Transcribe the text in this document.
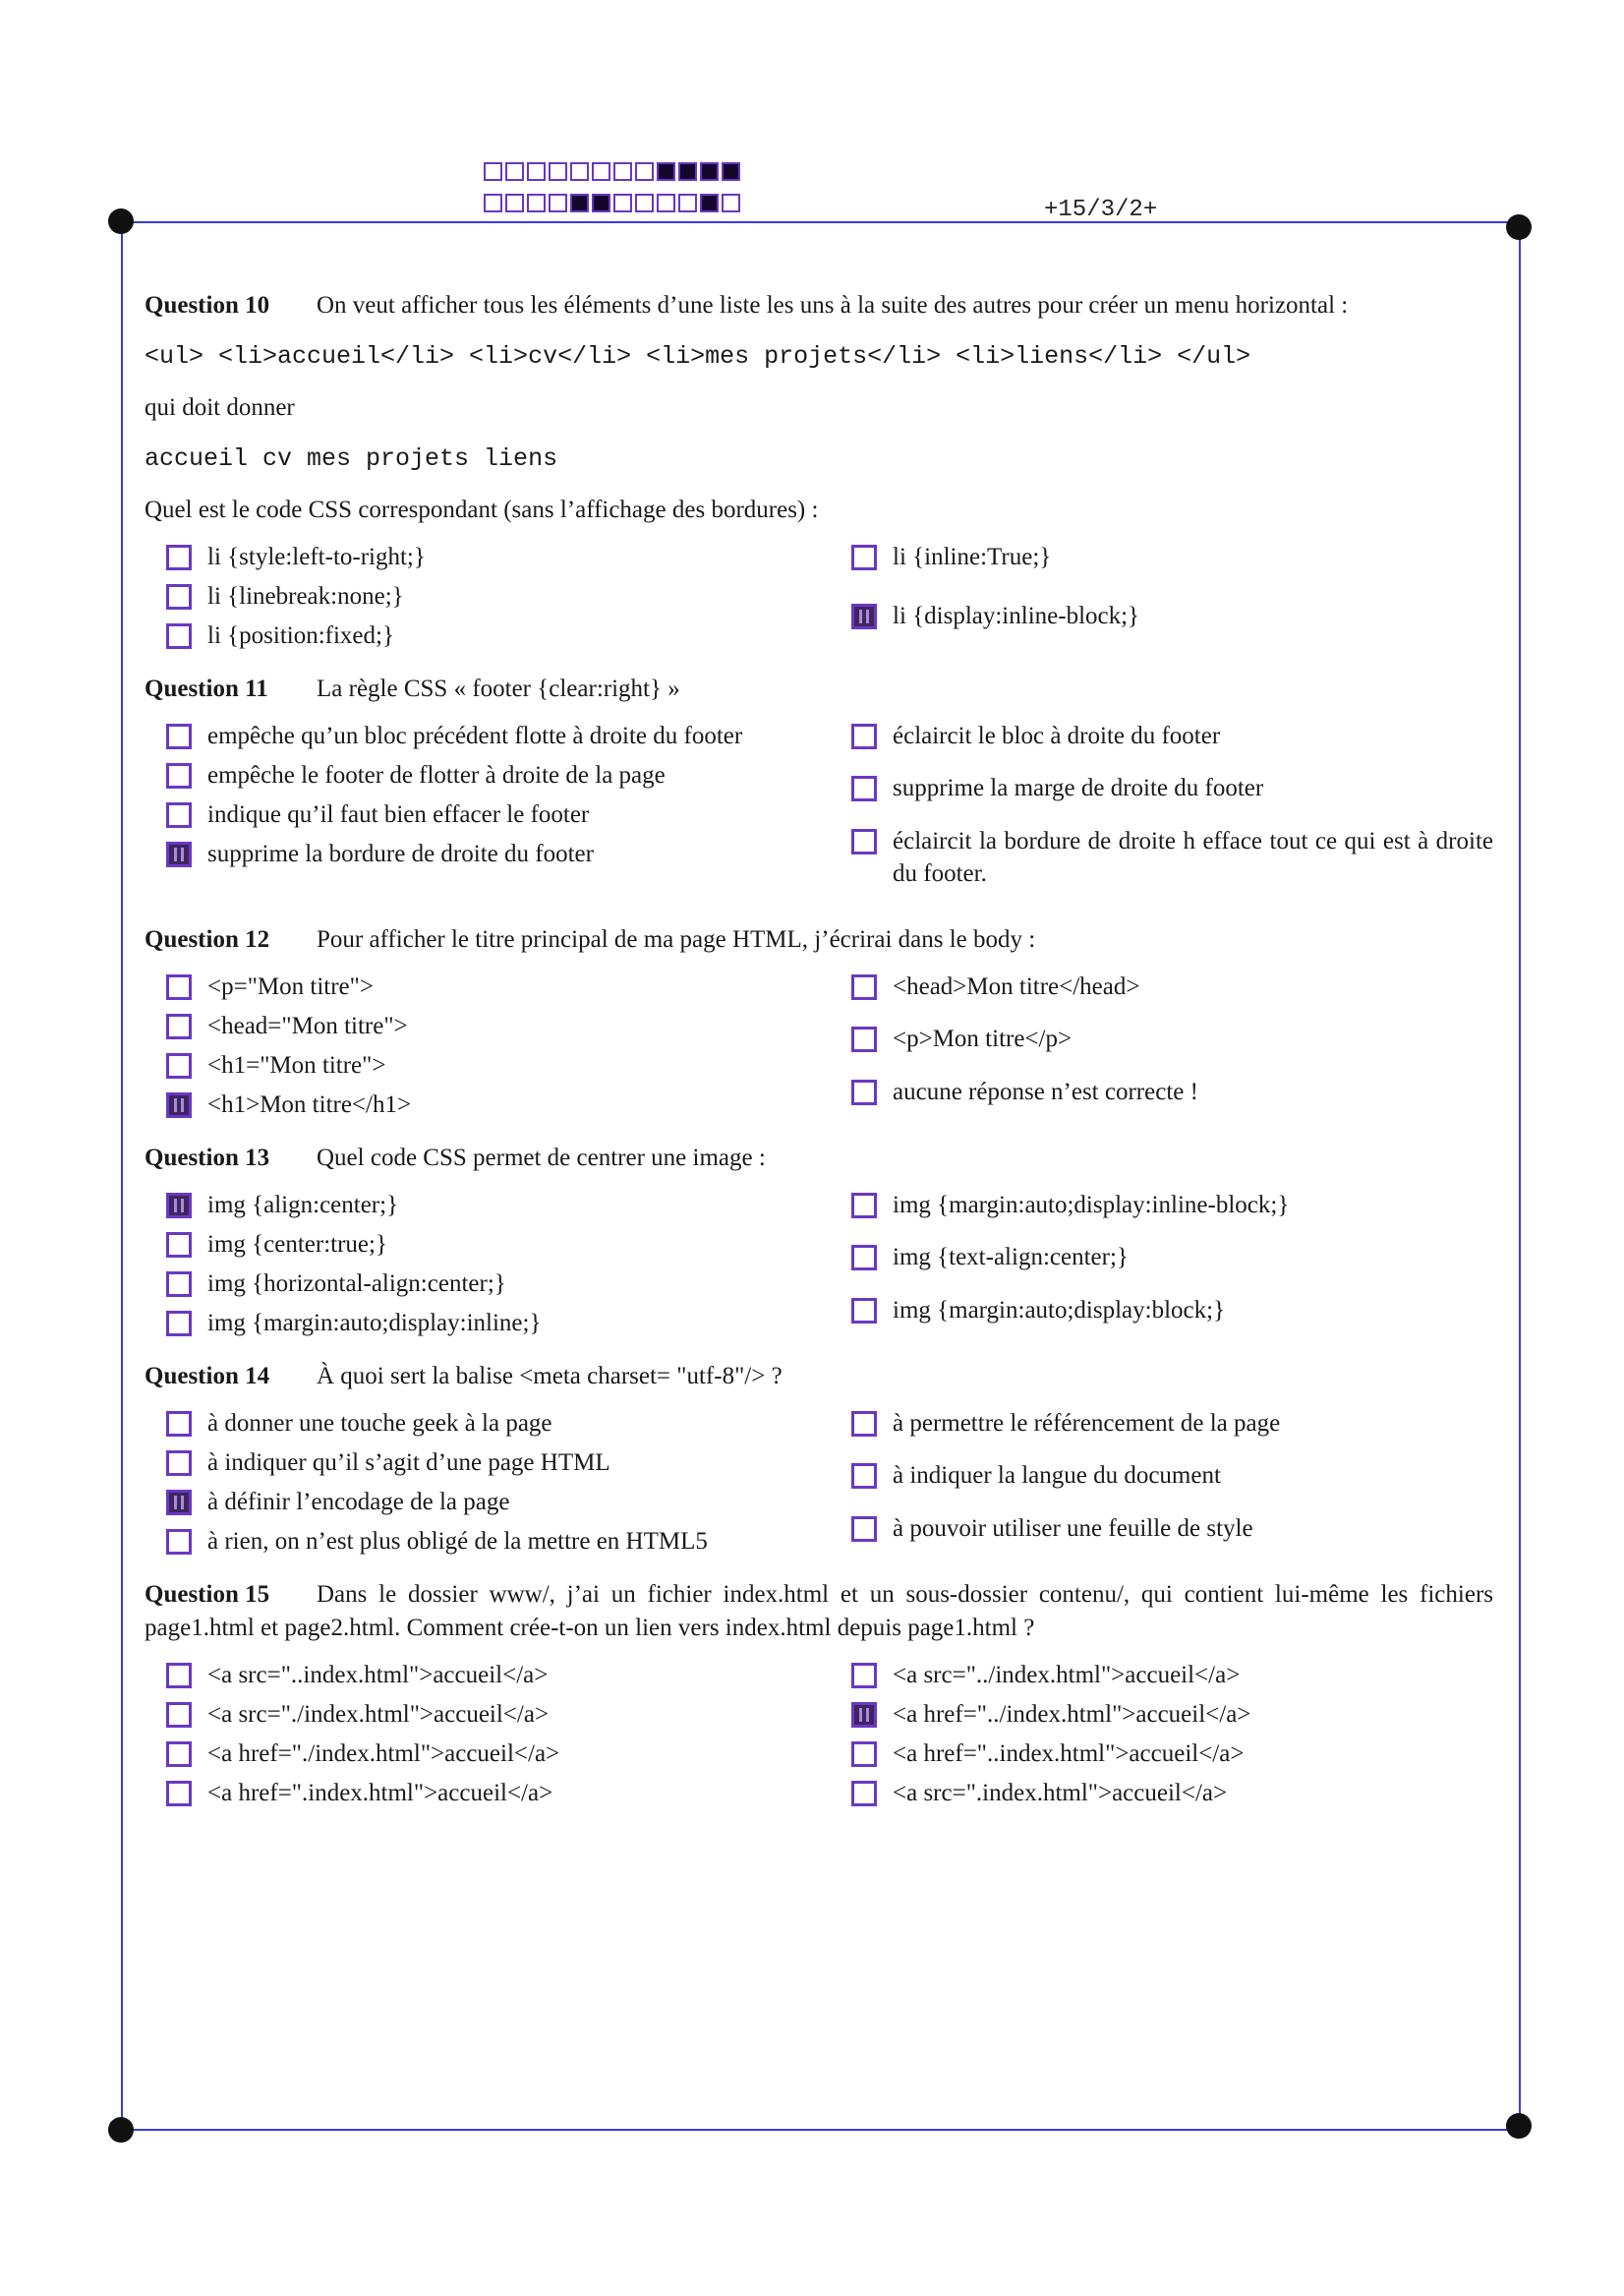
+15/3/2+

Question 10 On veut afficher tous les éléments d’une liste les uns à la suite des autres pour créer un menu horizontal :

<ul> <li>accueil</li> <li>cv</li> <li>mes projets</li> <li>liens</li> </ul>
qui doit donner
accueil cv mes projets liens
Quel est le code CSS correspondant (sans l’affichage des bordures) :
li {style:left-to-right;}
li {linebreak:none;}
li {position:fixed;}
li {inline:True;}
li {display:inline-block;}

Question 11 La règle CSS « footer {clear:right} »

empêche qu’un bloc précédent flotte à droite du footer
empêche le footer de flotter à droite de la page
indique qu’il faut bien effacer le footer
supprime la bordure de droite du footer
éclaircit le bloc à droite du footer
supprime la marge de droite du footer
éclaircit la bordure de droite h efface tout ce qui est à droite du footer.

Question 12 Pour afficher le titre principal de ma page HTML, j’écrirai dans le body :

<p="Mon titre">
<head="Mon titre">
<h1="Mon titre">
<h1>Mon titre</h1>
<head>Mon titre</head>
<p>Mon titre</p>
aucune réponse n’est correcte !

Question 13 Quel code CSS permet de centrer une image :

img {align:center;}
img {center:true;}
img {horizontal-align:center;}
img {margin:auto;display:inline;}
img {margin:auto;display:inline-block;}
img {text-align:center;}
img {margin:auto;display:block;}

Question 14 À quoi sert la balise <meta charset= "utf-8"/> ?

à donner une touche geek à la page
à indiquer qu’il s’agit d’une page HTML
à définir l’encodage de la page
à rien, on n’est plus obligé de la mettre en HTML5
à permettre le référencement de la page
à indiquer la langue du document
à pouvoir utiliser une feuille de style

Question 15 Dans le dossier www/, j’ai un fichier index.html et un sous-dossier contenu/, qui contient lui-même les fichiers page1.html et page2.html. Comment crée-t-on un lien vers index.html depuis page1.html ?

<a src="..index.html">accueil</a>
<a src="./index.html">accueil</a>
<a href="./index.html">accueil</a>
<a href=".index.html">accueil</a>
<a src="../index.html">accueil</a>
<a href="../index.html">accueil</a>
<a href="..index.html">accueil</a>
<a src=".index.html">accueil</a>
